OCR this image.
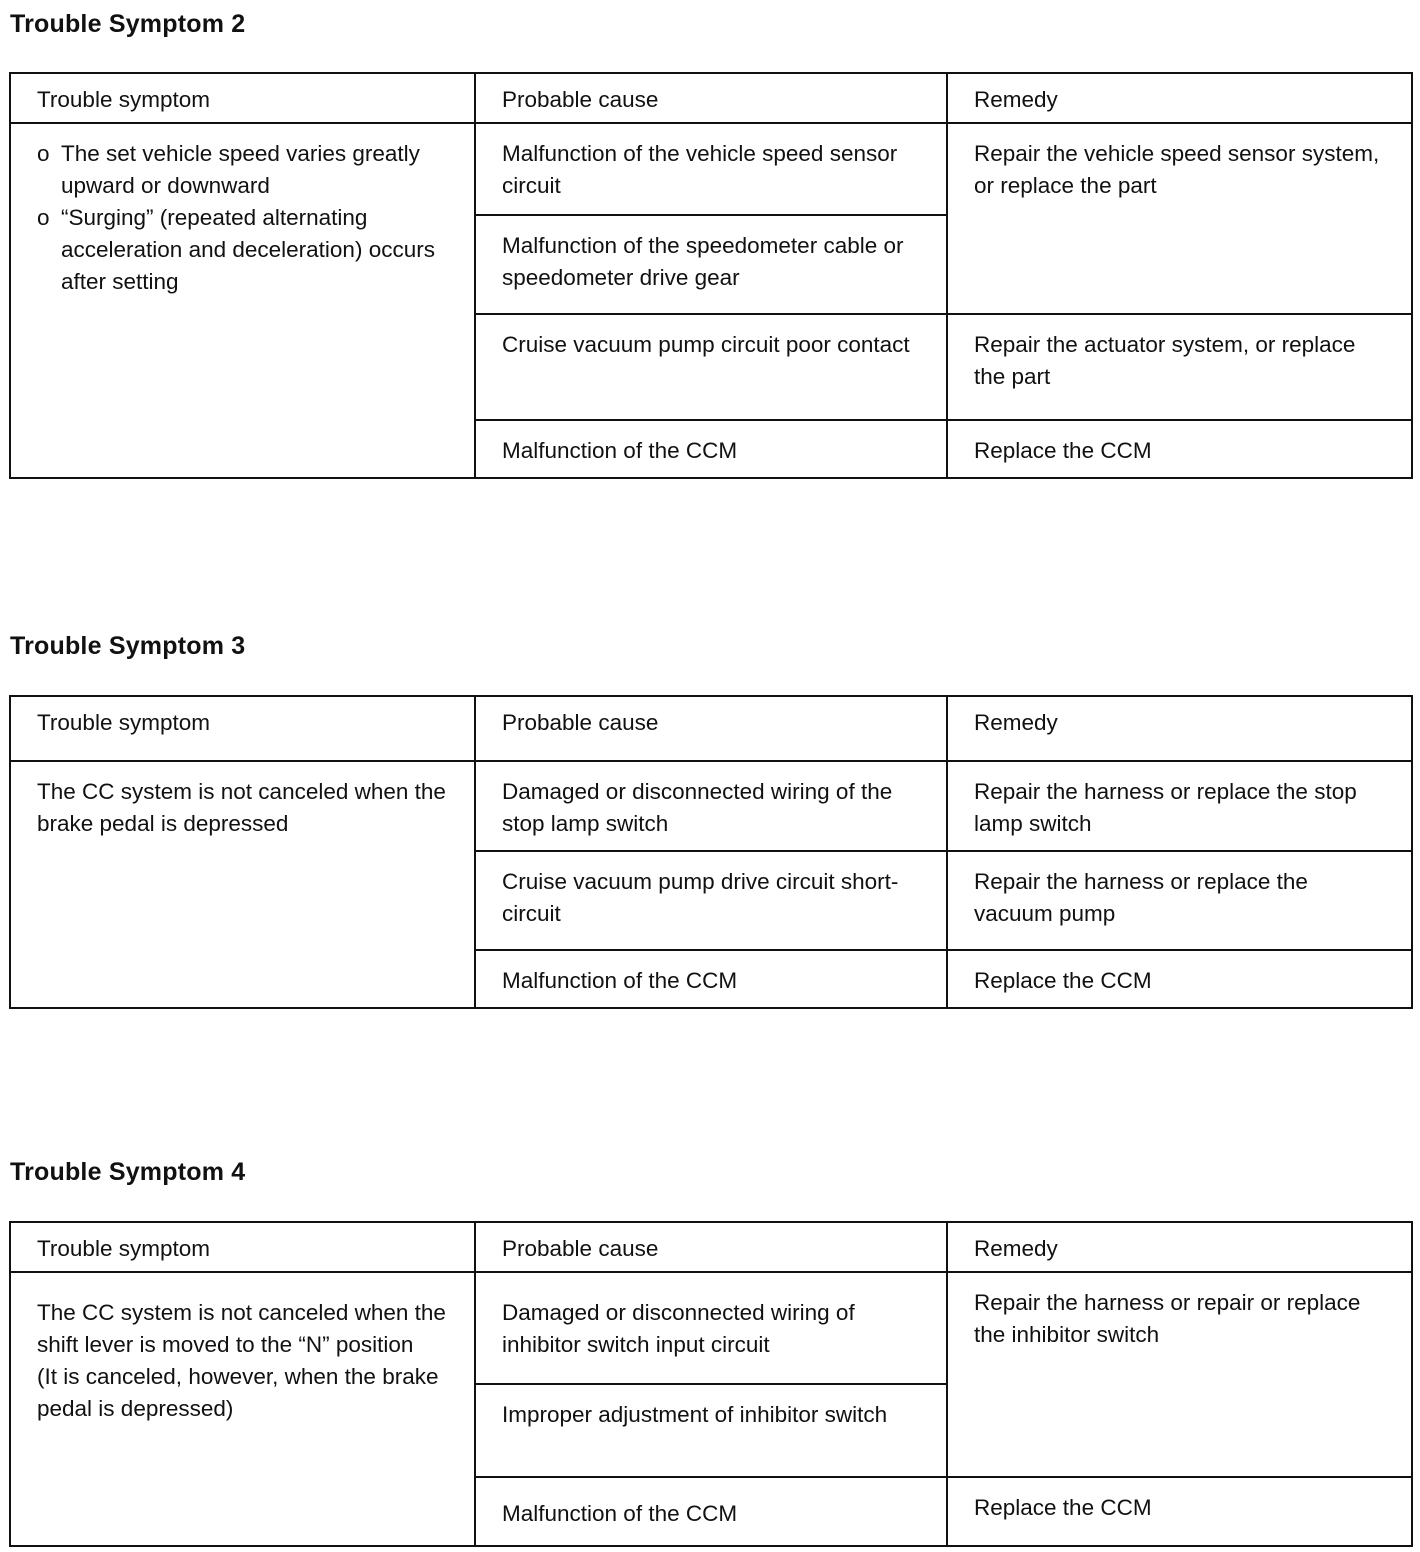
Trouble Symptom 2
Trouble symptom	Probable cause	Remedy

o The set vehicle speed varies greatly upward or downward
o “Surging” (repeated alternating acceleration and deceleration) occurs after setting	Malfunction of the vehicle speed sensor circuit	Repair the vehicle speed sensor system, or replace the part
	Malfunction of the speedometer cable or speedometer drive gear	
	Cruise vacuum pump circuit poor contact	Repair the actuator system, or replace the part
	Malfunction of the CCM	Replace the CCM
Trouble Symptom 3
Trouble symptom	Probable cause	Remedy
The CC system is not canceled when the brake pedal is depressed	Damaged or disconnected wiring of the stop lamp switch	Repair the harness or replace the stop lamp switch
	Cruise vacuum pump drive circuit short-circuit	Repair the harness or replace the vacuum pump
	Malfunction of the CCM	Replace the CCM
Trouble Symptom 4
Trouble symptom	Probable cause	Remedy

The CC system is not canceled when the shift lever is moved to the “N” position
(It is canceled, however, when the brake pedal is depressed)	Damaged or disconnected wiring of inhibitor switch input circuit	Repair the harness or repair or replace the inhibitor switch
	Improper adjustment of inhibitor switch	
	Malfunction of the CCM	Replace the CCM
